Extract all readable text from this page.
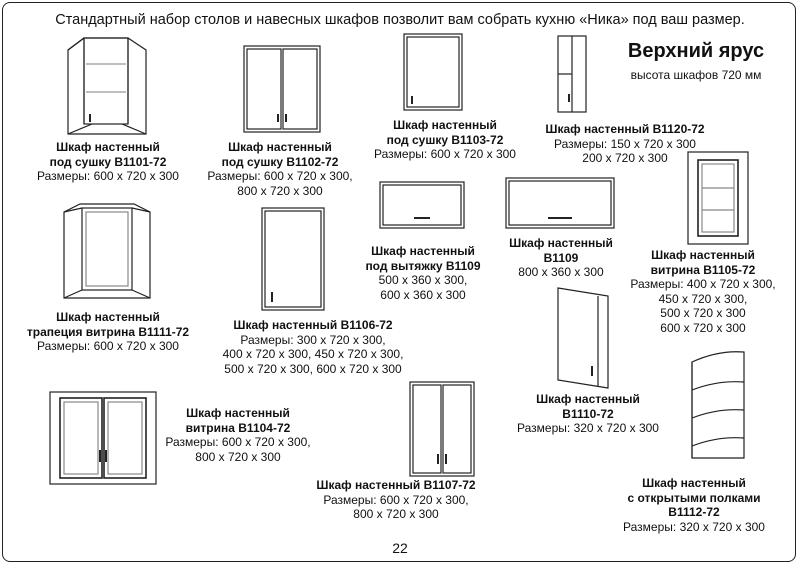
Стандартный набор столов и навесных шкафов позволит вам собрать кухню «Ника» под ваш размер.
Верхний ярус
высота шкафов 720 мм
Шкаф настенный
под сушку В1101-72
Размеры: 600 х 720 х 300
Шкаф настенный
под сушку В1102-72
Размеры: 600 х 720 х 300,
800 х 720 х 300
Шкаф настенный
под сушку В1103-72
Размеры: 600 х 720 х 300
Шкаф настенный В1120-72
Размеры: 150 х 720 х 300
200 х 720 х 300
Шкаф настенный
трапеция витрина В1111-72
Размеры: 600 х 720 х 300
Шкаф настенный В1106-72
Размеры: 300 х 720 х 300,
400 х 720 х 300, 450 х 720 х 300,
500 х 720 х 300, 600 х 720 х 300
Шкаф настенный
под вытяжку В1109
500 х 360 х 300,
600 х 360 х 300
Шкаф настенный
В1109
800 х 360 х 300
Шкаф настенный
витрина В1105-72
Размеры: 400 х 720 х 300,
450 х 720 х 300,
500 х 720 х 300
600 х 720 х 300
Шкаф настенный
витрина В1104-72
Размеры: 600 х 720 х 300,
800 х 720 х 300
Шкаф настенный В1107-72
Размеры: 600 х 720 х 300,
800 х 720 х 300
Шкаф настенный
В1110-72
Размеры: 320 х 720 х 300
Шкаф настенный
с открытыми полками
В1112-72
Размеры: 320 х 720 х 300
22
